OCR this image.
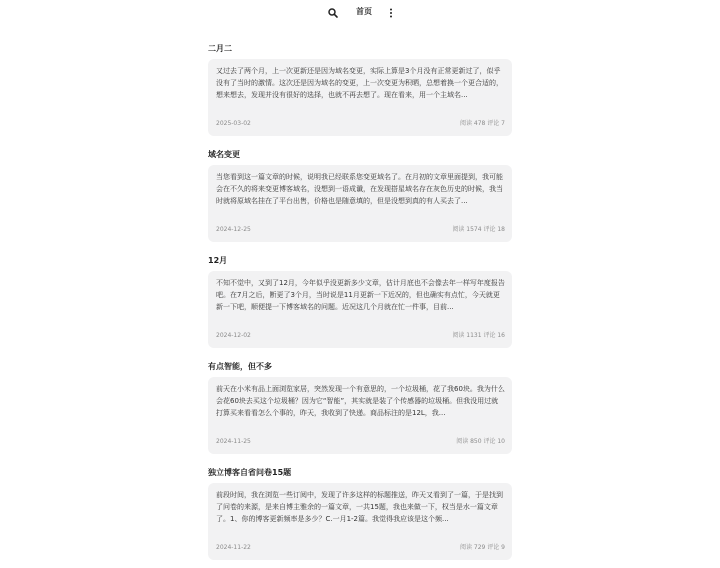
首页
二月二
又过去了两个月，上一次更新还是因为域名变更，实际上算是3个月没有正常更新过了，似乎没有了当时的激情。这次还是因为域名的变更，上一次变更为积晒，总想着换一个更合适的，想来想去，发现并没有很好的选择，也就不再去想了。现在看来，用一个主域名...
2025-03-02	阅读 478 评论 7
域名变更
当您看到这一篇文章的时候，说明我已经联系您变更域名了。在月初的文章里面提到，我可能会在不久的将来变更博客域名，没想到一语成谶，在发现搭星域名存在灰色历史的时候，我当时就将原域名挂在了平台出售，价格也是随意填的，但是没想到真的有人买去了...
2024-12-25	阅读 1574 评论 18
12月
不知不觉中，又到了12月，今年似乎没更新多少文章，估计月底也不会像去年一样写年度报告吧。在7月之后，断更了3个月，当时说是11月更新一下近况的，但也确实有点忙，今天就更新一下吧，顺便提一下博客域名的问题。近况这几个月就在忙一件事，目前...
2024-12-02	阅读 1131 评论 16
有点智能，但不多
前天在小米有品上面浏览家居，突然发现一个有意思的，一个垃圾桶，花了我60块。我为什么会花60块去买这个垃圾桶？因为它“智能”，其实就是装了个传感器的垃圾桶。但我没用过就打算买来看看怎么个事的，昨天，我收到了快递。商品标注的是12L，我...
2024-11-25	阅读 850 评论 10
独立博客自省问卷15题
前段时间，我在浏览一些订阅中，发现了许多这样的标题推送，昨天又看到了一篇，于是找到了问卷的来源，是来自博主雅余的一篇文章，一共15题，我也来做一下，权当是水一篇文章了。1、你的博客更新频率是多少？C.一月1-2篇。我觉得我应该是这个频...
2024-11-22	阅读 729 评论 9
